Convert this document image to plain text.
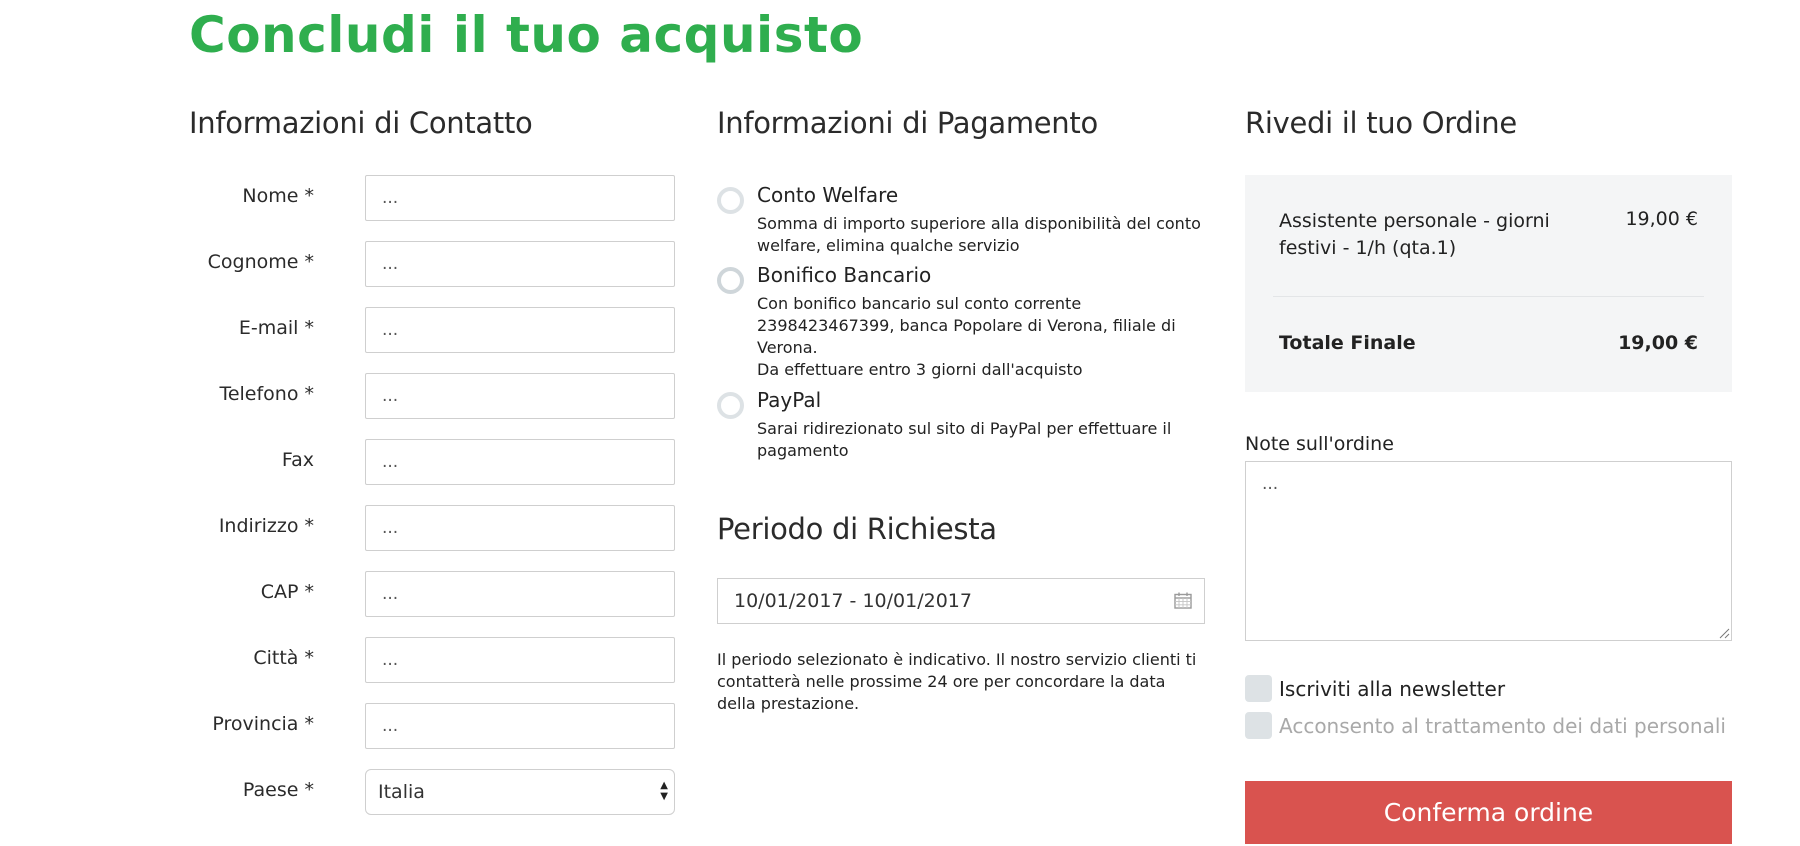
Concludi il tuo acquisto
Informazioni di Contatto
Nome *
...
Cognome *
...
E-mail *
...
Telefono *
...
Fax
...
Indirizzo *
...
CAP *
...
Città *
...
Provincia *
...
Paese *	Italia	▲
▼
Informazioni di Pagamento
Conto Welfare

Somma di importo superiore alla disponibilità del conto welfare, elimina qualche servizio

Bonifico Bancario

Con bonifico bancario sul conto corrente 2398423467399, banca Popolare di Verona, filiale di Verona.

Da effettuare entro 3 giorni dall'acquisto

PayPal

Sarai ridirezionato sul sito di PayPal per effettuare il pagamento

Periodo di Richiesta
10/01/2017 - 10/01/2017

Il periodo selezionato è indicativo. Il nostro servizio clienti ti contatterà nelle prossime 24 ore per concordare la data della prestazione.

Rivedi il tuo Ordine
Assistente personale - giorni festivi - 1/h (qta.1)
19,00 €
Totale Finale	19,00 €
Note sull'ordine
...
Iscriviti alla newsletter
Acconsento al trattamento dei dati personali
Conferma ordine
